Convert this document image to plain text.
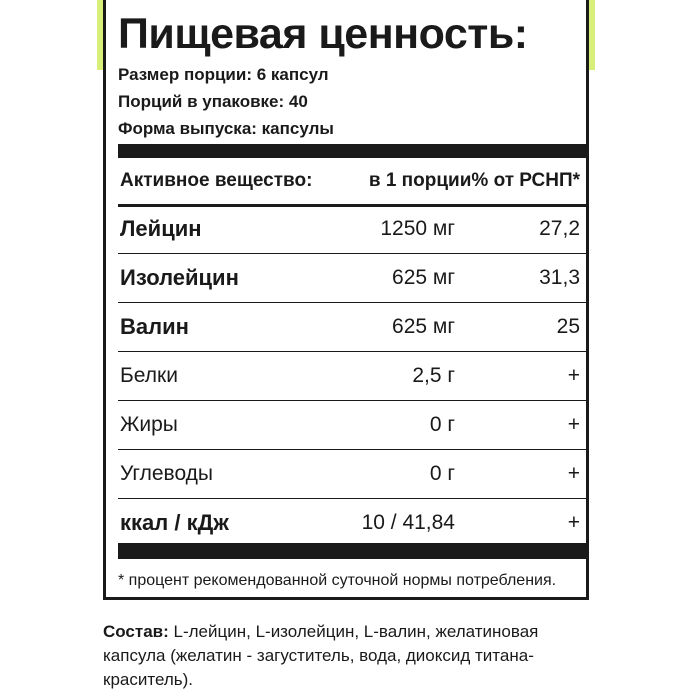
Пищевая ценность:
Размер порции: 6 капсул
Порций в упаковке: 40
Форма выпуска: капсулы
Активное вещество:	в 1 порции % от РСНП*
Лейцин	1250 мг	27,2
Изолейцин	625 мг	31,3
Валин	625 мг	25
Белки	2,5 г	+
Жиры	0 г	+
Углеводы	0 г	+
ккал / кДж	10 / 41,84	+
* процент рекомендованной суточной нормы потребления.
Состав: L-лейцин, L-изолейцин, L-валин, желатиновая капсула (желатин - загуститель, вода, диоксид титана-краситель).
